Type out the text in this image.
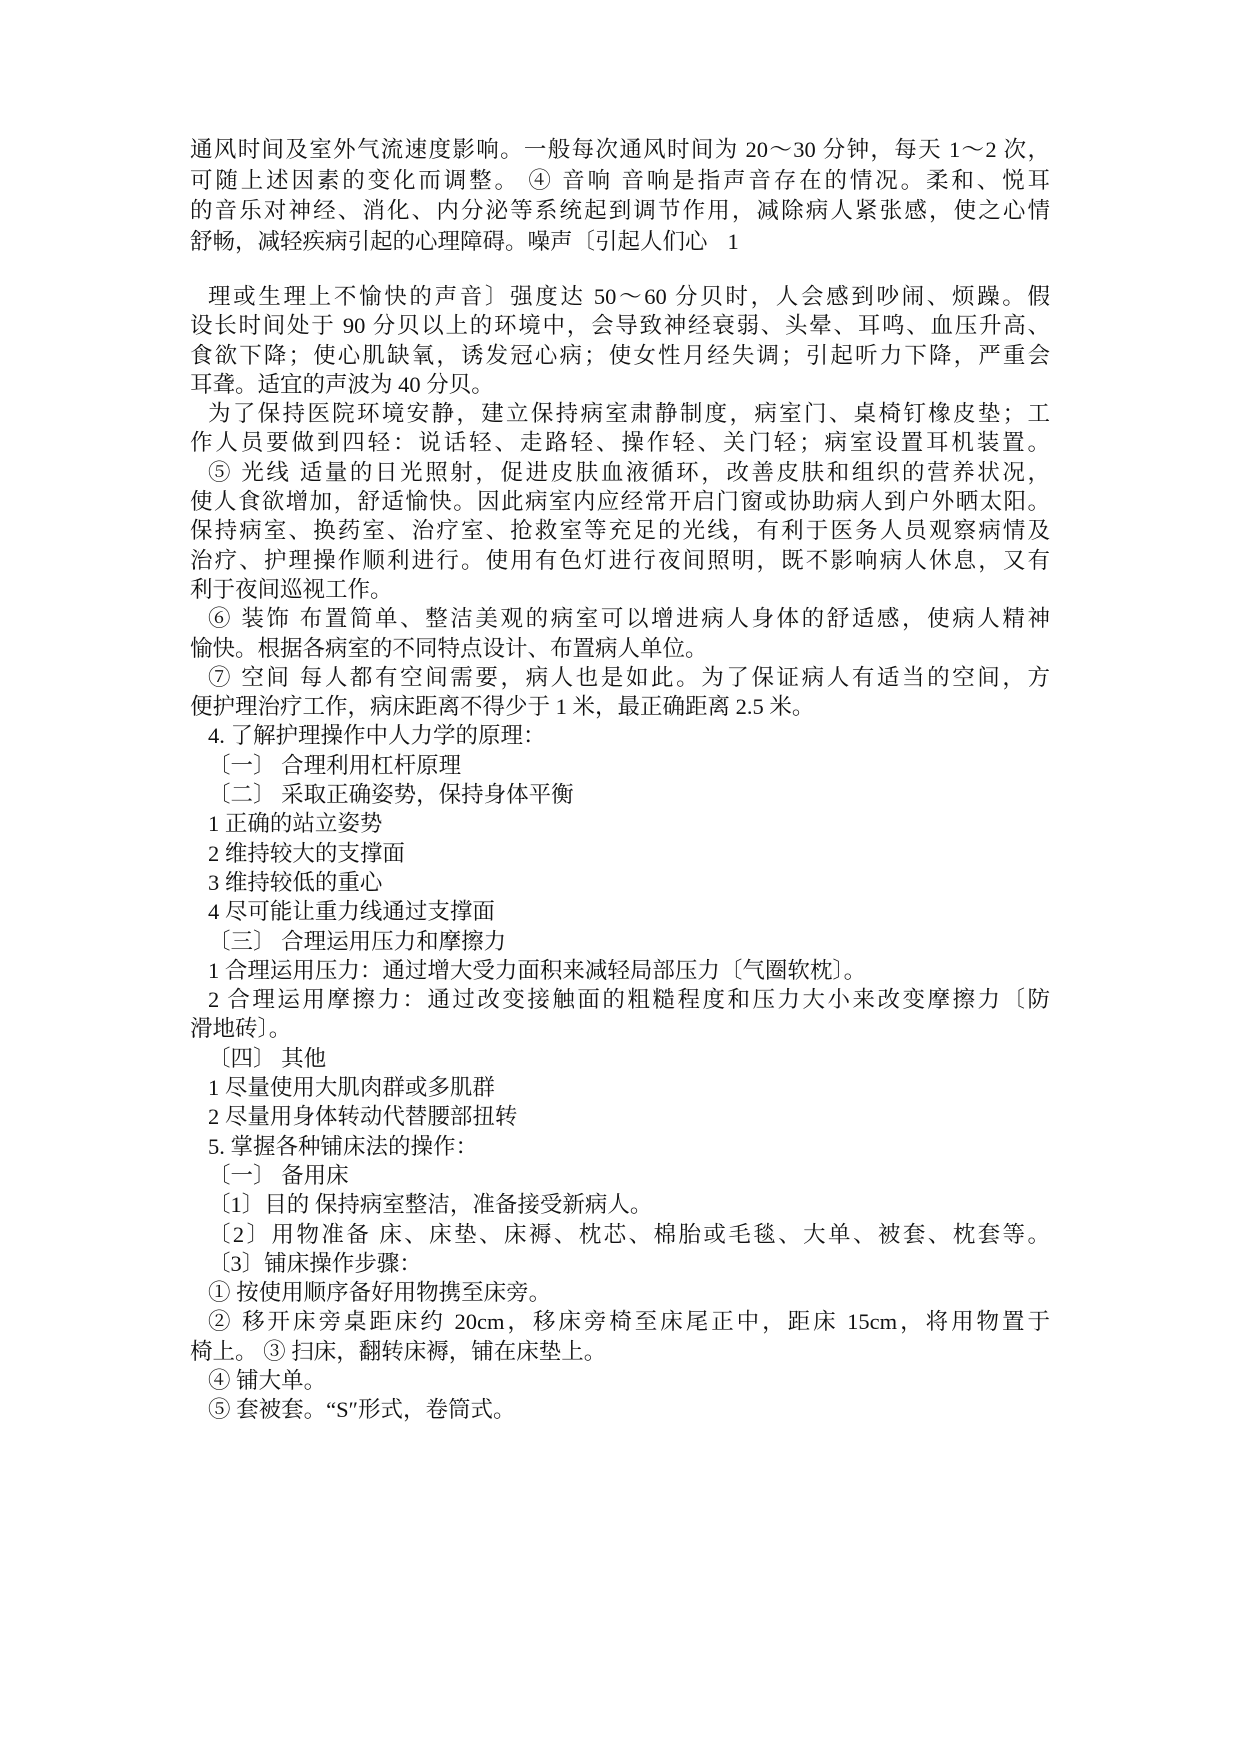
通风时间及室外气流速度影响。一般每次通风时间为 20～30 分钟，每天 1～2 次，
可随上述因素的变化而调整。 ④ 音响 音响是指声音存在的情况。柔和、悦耳
的音乐对神经、消化、内分泌等系统起到调节作用，减除病人紧张感，使之心情
舒畅，减轻疾病引起的心理障碍。噪声〔引起人们心 1
理或生理上不愉快的声音〕强度达 50～60 分贝时，人会感到吵闹、烦躁。假
设长时间处于 90 分贝以上的环境中，会导致神经衰弱、头晕、耳鸣、血压升高、
食欲下降；使心肌缺氧，诱发冠心病；使女性月经失调；引起听力下降，严重会
耳聋。适宜的声波为 40 分贝。
为了保持医院环境安静，建立保持病室肃静制度，病室门、桌椅钉橡皮垫；工
作人员要做到四轻：说话轻、走路轻、操作轻、关门轻；病室设置耳机装置。
⑤ 光线 适量的日光照射，促进皮肤血液循环，改善皮肤和组织的营养状况，
使人食欲增加，舒适愉快。因此病室内应经常开启门窗或协助病人到户外晒太阳。
保持病室、换药室、治疗室、抢救室等充足的光线，有利于医务人员观察病情及
治疗、护理操作顺利进行。使用有色灯进行夜间照明，既不影响病人休息，又有
利于夜间巡视工作。
⑥ 装饰 布置简单、整洁美观的病室可以增进病人身体的舒适感，使病人精神
愉快。根据各病室的不同特点设计、布置病人单位。
⑦ 空间 每人都有空间需要，病人也是如此。为了保证病人有适当的空间，方
便护理治疗工作，病床距离不得少于 1 米，最正确距离 2.5 米。
4. 了解护理操作中人力学的原理：
〔一〕 合理利用杠杆原理
〔二〕 采取正确姿势，保持身体平衡
1 正确的站立姿势
2 维持较大的支撑面
3 维持较低的重心
4 尽可能让重力线通过支撑面
〔三〕 合理运用压力和摩擦力
1 合理运用压力：通过增大受力面积来减轻局部压力〔气圈软枕〕。
2 合理运用摩擦力：通过改变接触面的粗糙程度和压力大小来改变摩擦力〔防
滑地砖〕。
〔四〕 其他
1 尽量使用大肌肉群或多肌群
2 尽量用身体转动代替腰部扭转
5. 掌握各种铺床法的操作：
〔一〕 备用床
〔1〕目的 保持病室整洁，准备接受新病人。
〔2〕用物准备 床、床垫、床褥、枕芯、棉胎或毛毯、大单、被套、枕套等。
〔3〕铺床操作步骤：
① 按使用顺序备好用物携至床旁。
② 移开床旁桌距床约 20cm，移床旁椅至床尾正中，距床 15cm，将用物置于
椅上。 ③ 扫床，翻转床褥，铺在床垫上。
④ 铺大单。
⑤ 套被套。“S″形式，卷筒式。
